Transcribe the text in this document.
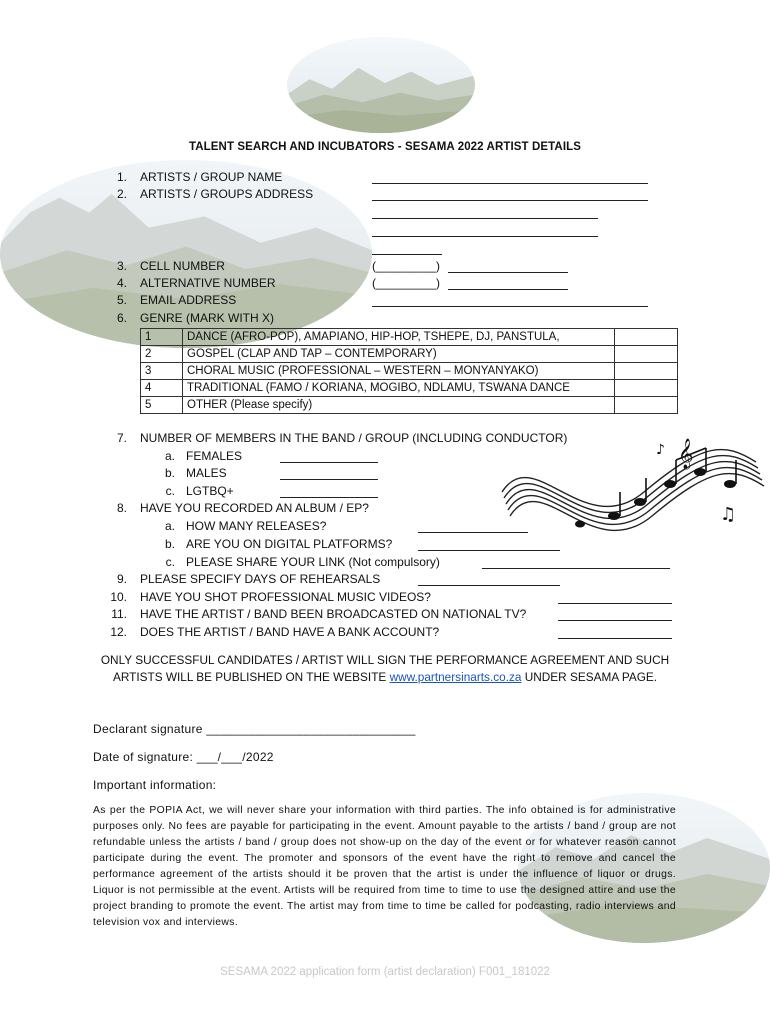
𝄞
♫
♪
TALENT SEARCH AND INCUBATORS - SESAMA 2022 ARTIST DETAILS
1. ARTISTS / GROUP NAME
2. ARTISTS / GROUPS ADDRESS
3. CELL NUMBER	(_________)
4. ALTERNATIVE NUMBER	(_________)
5. EMAIL ADDRESS
6. GENRE (MARK WITH X)
1	DANCE (AFRO-POP), AMAPIANO, HIP-HOP, TSHEPE, DJ, PANSTULA,	
2	GOSPEL (CLAP AND TAP – CONTEMPORARY)	
3	CHORAL MUSIC (PROFESSIONAL – WESTERN – MONYANYAKO)	
4	TRADITIONAL (FAMO / KORIANA, MOGIBO, NDLAMU, TSWANA DANCE	
5	OTHER (Please specify)	
7. NUMBER OF MEMBERS IN THE BAND / GROUP (INCLUDING CONDUCTOR)
a. FEMALES
b. MALES
c. LGTBQ+
8. HAVE YOU RECORDED AN ALBUM / EP?
a. HOW MANY RELEASES?
b. ARE YOU ON DIGITAL PLATFORMS?
c. PLEASE SHARE YOUR LINK (Not compulsory)
9. PLEASE SPECIFY DAYS OF REHEARSALS
10. HAVE YOU SHOT PROFESSIONAL MUSIC VIDEOS?
11. HAVE THE ARTIST / BAND BEEN BROADCASTED ON NATIONAL TV?
12. DOES THE ARTIST / BAND HAVE A BANK ACCOUNT?
ONLY SUCCESSFUL CANDIDATES / ARTIST WILL SIGN THE PERFORMANCE AGREEMENT AND SUCH
ARTISTS WILL BE PUBLISHED ON THE WEBSITE www.partnersinarts.co.za UNDER SESAMA PAGE.
Declarant signature ______________________________
Date of signature: ___/___/2022
Important information:
As per the POPIA Act, we will never share your information with third parties. The info obtained is for administrative purposes only. No fees are payable for participating in the event. Amount payable to the artists / band / group are not refundable unless the artists / band / group does not show-up on the day of the event or for whatever reason cannot participate during the event. The promoter and sponsors of the event have the right to remove and cancel the performance agreement of the artists should it be proven that the artist is under the influence of liquor or drugs. Liquor is not permissible at the event. Artists will be required from time to time to use the designed attire and use the project branding to promote the event. The artist may from time to time be called for podcasting, radio interviews and television vox and interviews.
SESAMA 2022 application form (artist declaration) F001_181022
